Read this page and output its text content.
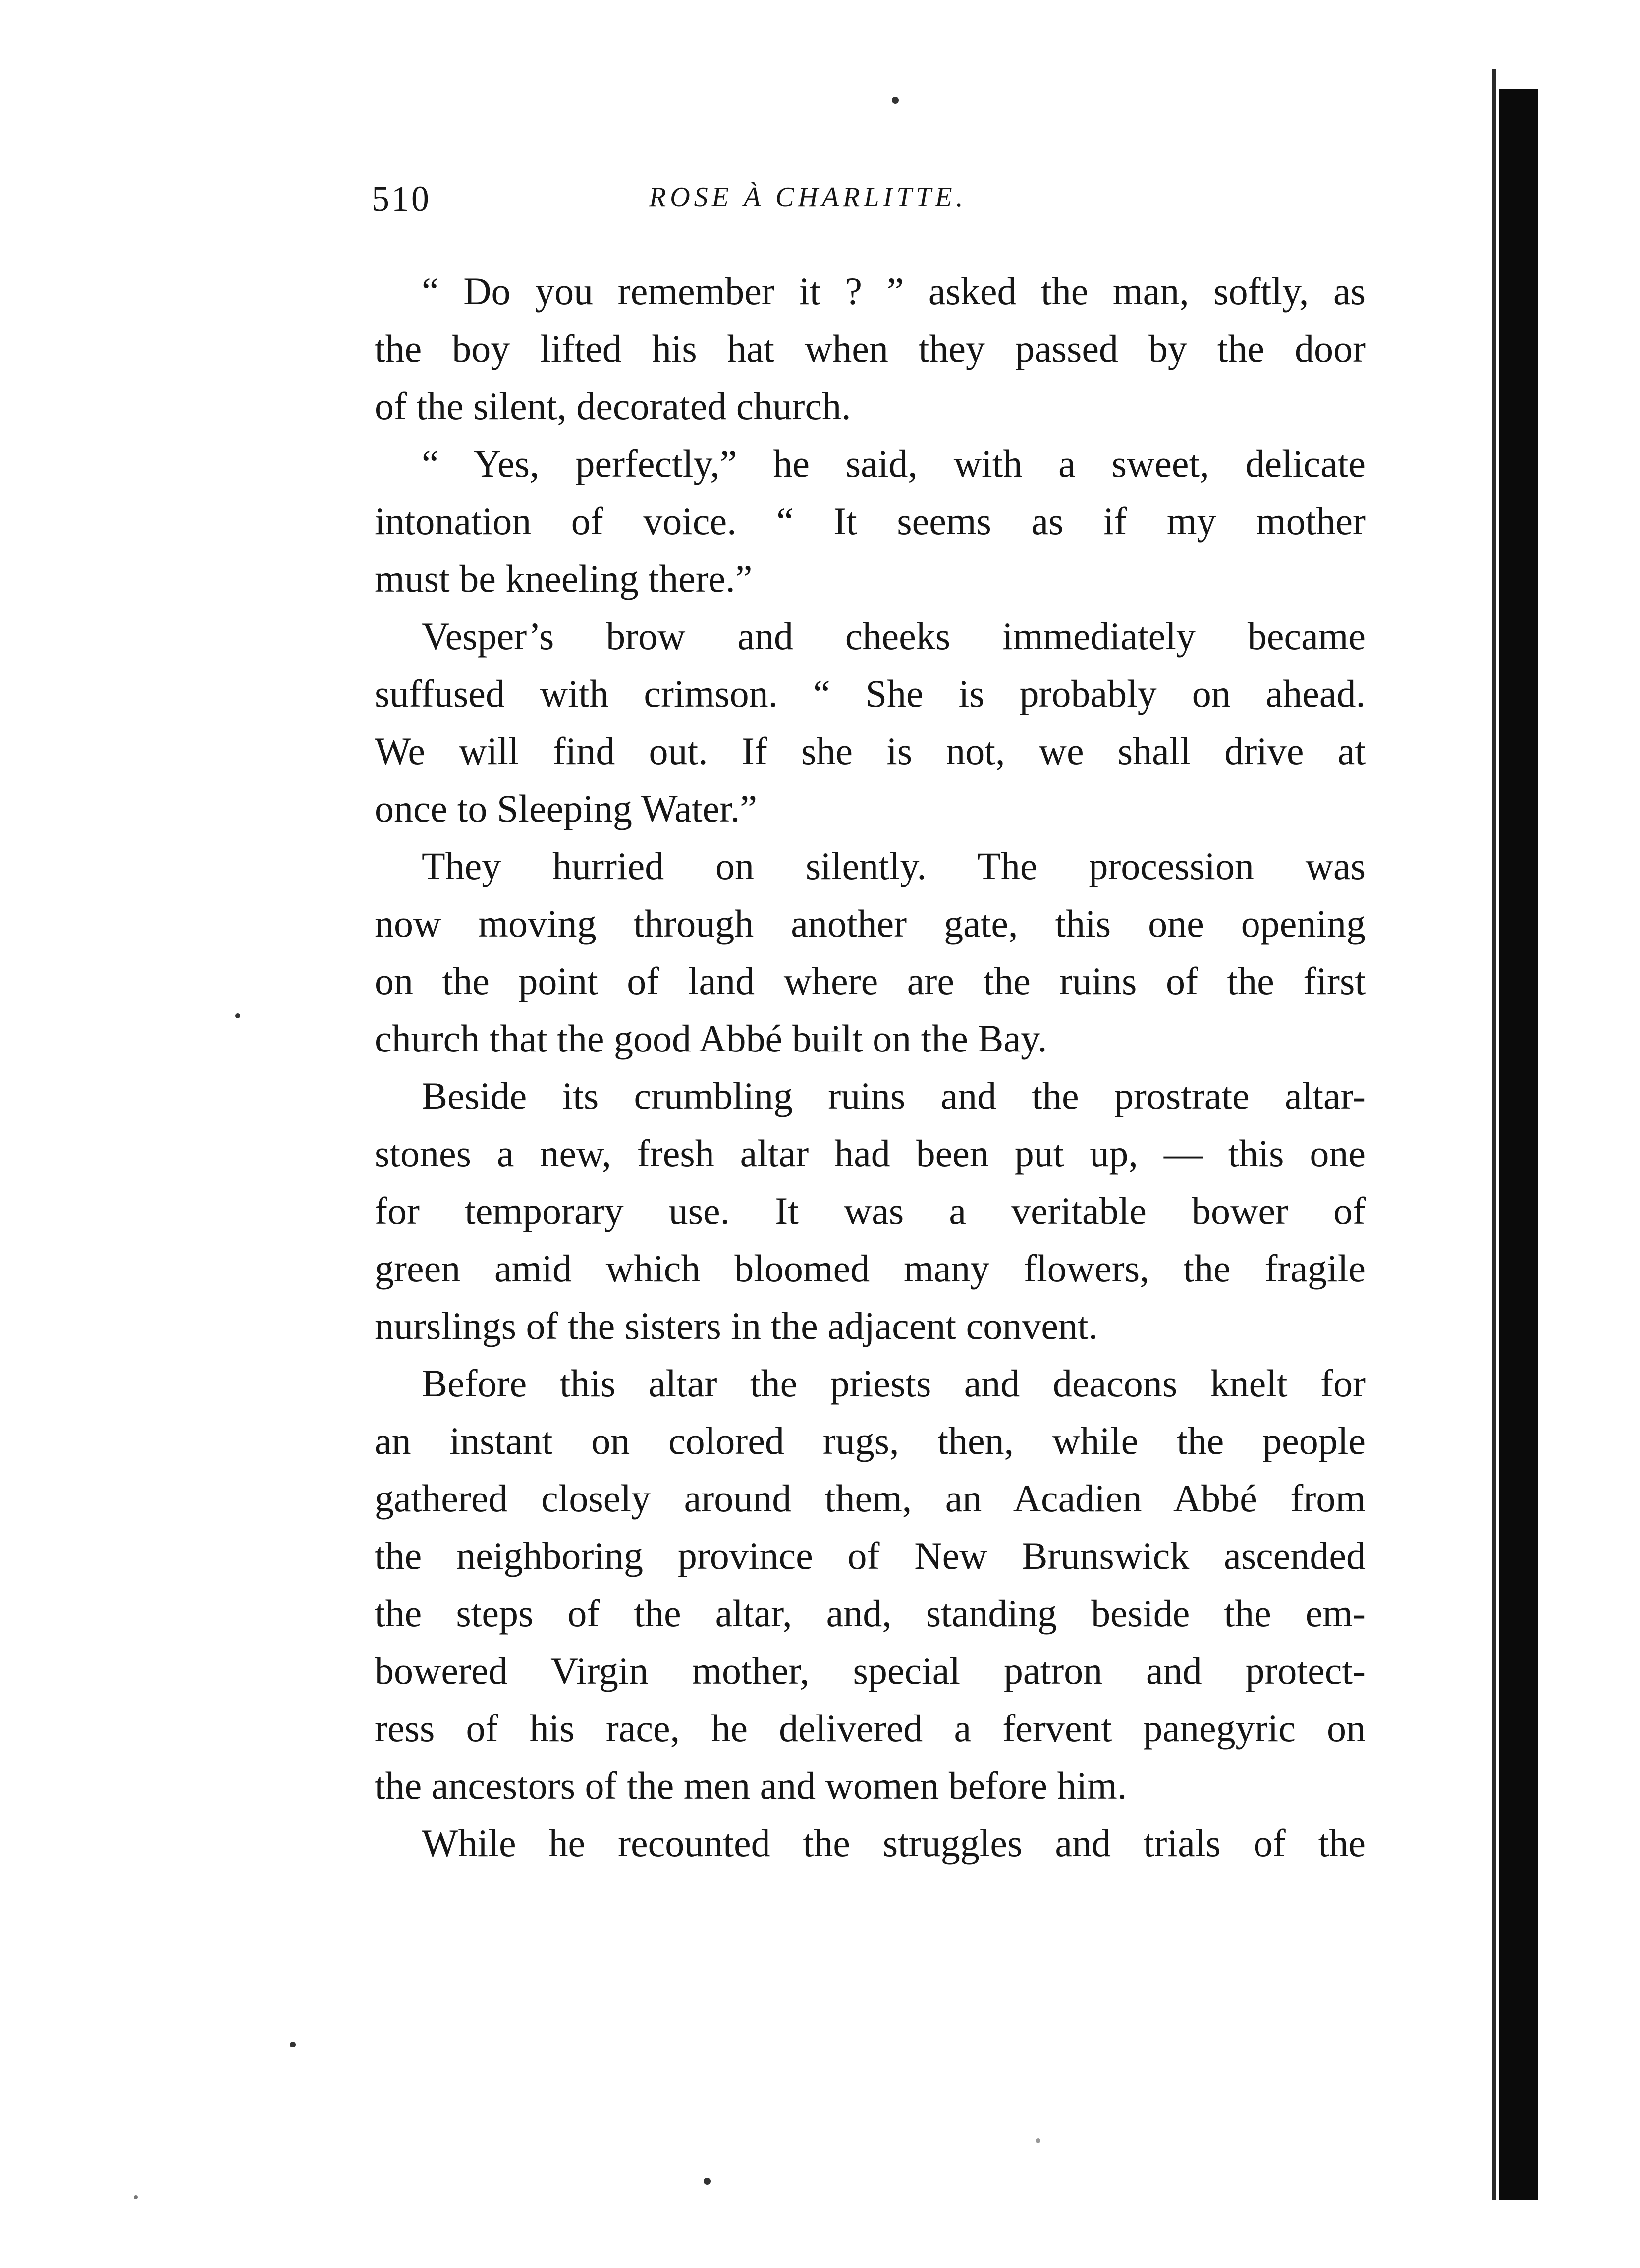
510	ROSE À CHARLITTE.
“ Do you remember it ? ” asked the man, softly, as
the boy lifted his hat when they passed by the door
of the silent, decorated church.
“ Yes, perfectly,” he said, with a sweet, delicate
intonation of voice. “ It seems as if my mother
must be kneeling there.”
Vesper’s brow and cheeks immediately became
suffused with crimson. “ She is probably on ahead.
We will find out. If she is not, we shall drive at
once to Sleeping Water.”
They hurried on silently. The procession was
now moving through another gate, this one opening
on the point of land where are the ruins of the first
church that the good Abbé built on the Bay.
Beside its crumbling ruins and the prostrate altar-
stones a new, fresh altar had been put up, — this one
for temporary use. It was a veritable bower of
green amid which bloomed many flowers, the fragile
nurslings of the sisters in the adjacent convent.
Before this altar the priests and deacons knelt for
an instant on colored rugs, then, while the people
gathered closely around them, an Acadien Abbé from
the neighboring province of New Brunswick ascended
the steps of the altar, and, standing beside the em-
bowered Virgin mother, special patron and protect-
ress of his race, he delivered a fervent panegyric on
the ancestors of the men and women before him.
While he recounted the struggles and trials of the
